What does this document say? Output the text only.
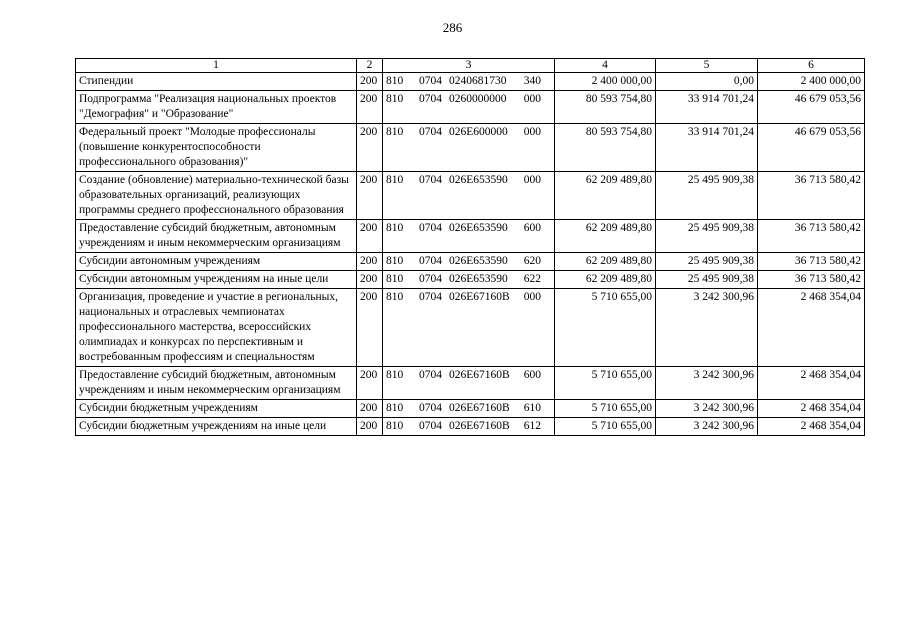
286
1	2	3	4	5	6
Стипендии	200	810 0704 0240681730 340	2 400 000,00	0,00	2 400 000,00
Подпрограмма "Реализация национальных проектов "Демография" и "Образование"	200	810 0704 0260000000 000	80 593 754,80	33 914 701,24	46 679 053,56
Федеральный проект "Молодые профессионалы (повышение конкурентоспособности профессионального образования)"	200	810 0704 026E600000 000	80 593 754,80	33 914 701,24	46 679 053,56
Создание (обновление) материально-технической базы образовательных организаций, реализующих программы среднего профессионального образования	200	810 0704 026E653590 000	62 209 489,80	25 495 909,38	36 713 580,42
Предоставление субсидий бюджетным, автономным учреждениям и иным некоммерческим организациям	200	810 0704 026E653590 600	62 209 489,80	25 495 909,38	36 713 580,42
Субсидии автономным учреждениям	200	810 0704 026E653590 620	62 209 489,80	25 495 909,38	36 713 580,42
Субсидии автономным учреждениям на иные цели	200	810 0704 026E653590 622	62 209 489,80	25 495 909,38	36 713 580,42
Организация, проведение и участие в региональных, национальных и отраслевых чемпионатах профессионального мастерства, всероссийских олимпиадах и конкурсах по перспективным и востребованным профессиям и специальностям	200	810 0704 026E67160B 000	5 710 655,00	3 242 300,96	2 468 354,04
Предоставление субсидий бюджетным, автономным учреждениям и иным некоммерческим организациям	200	810 0704 026E67160B 600	5 710 655,00	3 242 300,96	2 468 354,04
Субсидии бюджетным учреждениям	200	810 0704 026E67160B 610	5 710 655,00	3 242 300,96	2 468 354,04
Субсидии бюджетным учреждениям на иные цели	200	810 0704 026E67160B 612	5 710 655,00	3 242 300,96	2 468 354,04
